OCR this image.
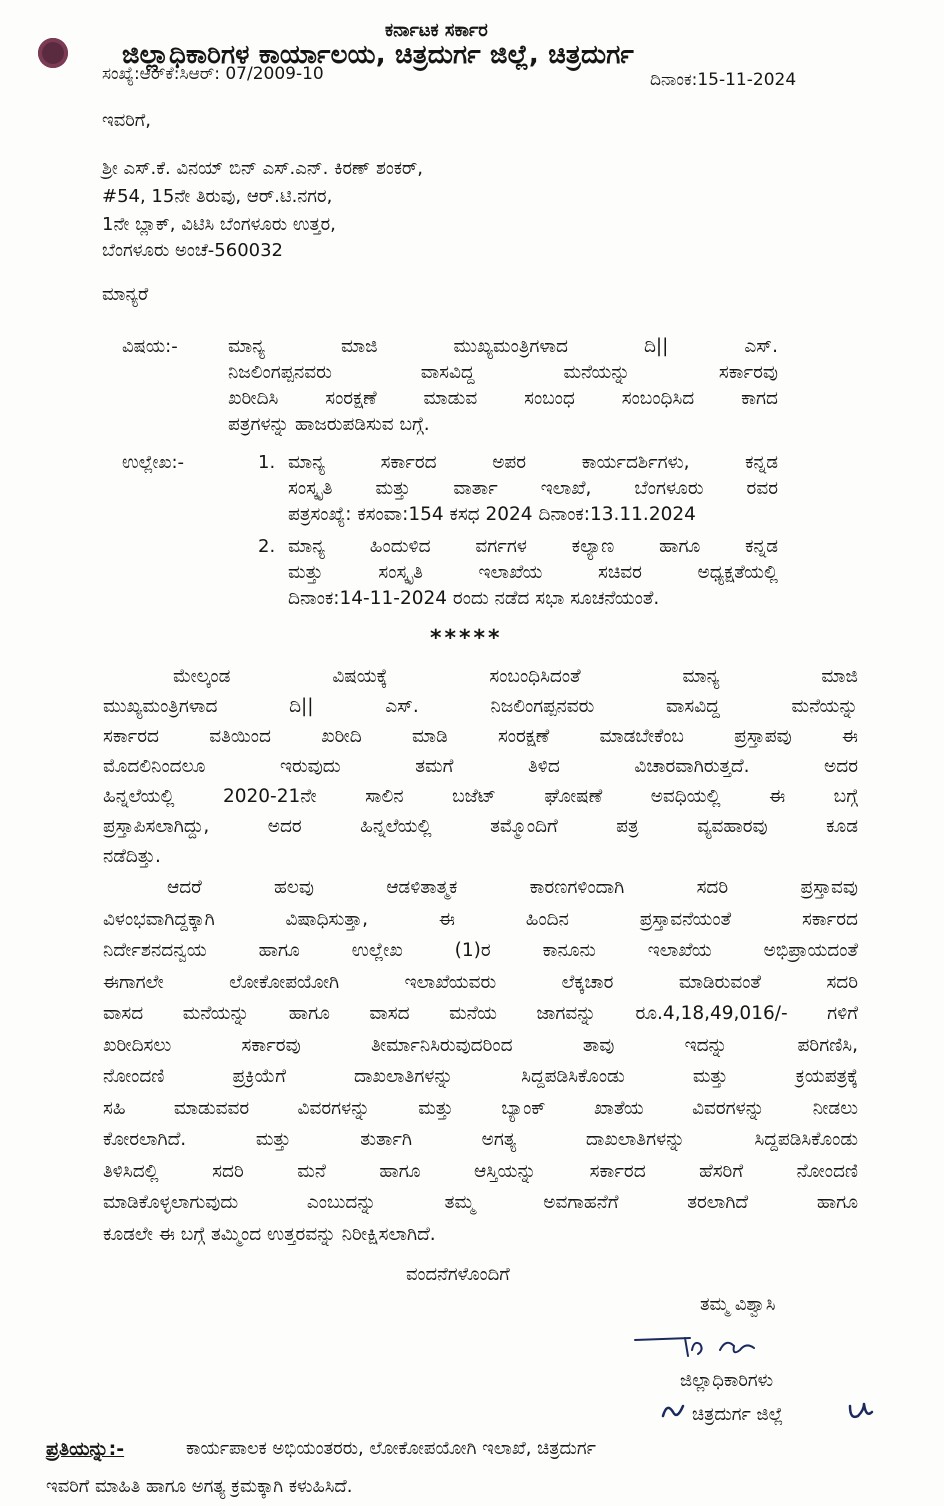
ಕರ್ನಾಟಕ ಸರ್ಕಾರ
ಜಿಲ್ಲಾಧಿಕಾರಿಗಳ ಕಾರ್ಯಾಲಯ, ಚಿತ್ರದುರ್ಗ ಜಿಲ್ಲೆ, ಚಿತ್ರದುರ್ಗ
ಸಂಖ್ಯೆ:ಆರ್‌ಕೆ:ಸಿಆರ್: 07/2009-10	ದಿನಾಂಕ:15-11-2024
ಇವರಿಗೆ,
ಶ್ರೀ ಎಸ್.ಕೆ. ವಿನಯ್ ಬಿನ್ ಎಸ್.ಎನ್. ಕಿರಣ್ ಶಂಕರ್,
#54, 15ನೇ ತಿರುವು, ಆರ್.ಟಿ.ನಗರ,
1ನೇ ಬ್ಲಾಕ್, ವಿಟಿಸಿ ಬೆಂಗಳೂರು ಉತ್ತರ,
ಬೆಂಗಳೂರು ಅಂಚೆ-560032
ಮಾನ್ಯರೆ
ವಿಷಯ:-	ಮಾನ್ಯ ಮಾಜಿ ಮುಖ್ಯಮಂತ್ರಿಗಳಾದ ದಿ|| ಎಸ್.
ನಿಜಲಿಂಗಪ್ಪನವರು ವಾಸವಿದ್ದ ಮನೆಯನ್ನು ಸರ್ಕಾರವು
ಖರೀದಿಸಿ ಸಂರಕ್ಷಣೆ ಮಾಡುವ ಸಂಬಂಧ ಸಂಬಂಧಿಸಿದ ಕಾಗದ
ಪತ್ರಗಳನ್ನು ಹಾಜರುಪಡಿಸುವ ಬಗ್ಗೆ.
ಉಲ್ಲೇಖ:-	1. ಮಾನ್ಯ ಸರ್ಕಾರದ ಅಪರ ಕಾರ್ಯದರ್ಶಿಗಳು, ಕನ್ನಡ
ಸಂಸ್ಕೃತಿ ಮತ್ತು ವಾರ್ತಾ ಇಲಾಖೆ, ಬೆಂಗಳೂರು ರವರ
ಪತ್ರಸಂಖ್ಯೆ: ಕಸಂವಾ:154 ಕಸಧ 2024 ದಿನಾಂಕ:13.11.2024
2. ಮಾನ್ಯ ಹಿಂದುಳಿದ ವರ್ಗಗಳ ಕಲ್ಯಾಣ ಹಾಗೂ ಕನ್ನಡ
ಮತ್ತು ಸಂಸ್ಕೃತಿ ಇಲಾಖೆಯ ಸಚಿವರ ಅಧ್ಯಕ್ಷತೆಯಲ್ಲಿ
ದಿನಾಂಕ:14-11-2024 ರಂದು ನಡೆದ ಸಭಾ ಸೂಚನೆಯಂತೆ.
*****
ಮೇಲ್ಕಂಡ ವಿಷಯಕ್ಕೆ ಸಂಬಂಧಿಸಿದಂತೆ ಮಾನ್ಯ ಮಾಜಿ
ಮುಖ್ಯಮಂತ್ರಿಗಳಾದ ದಿ|| ಎಸ್. ನಿಜಲಿಂಗಪ್ಪನವರು ವಾಸವಿದ್ದ ಮನೆಯನ್ನು
ಸರ್ಕಾರದ ವತಿಯಿಂದ ಖರೀದಿ ಮಾಡಿ ಸಂರಕ್ಷಣೆ ಮಾಡಬೇಕೆಂಬ ಪ್ರಸ್ತಾಪವು ಈ
ಮೊದಲಿನಿಂದಲೂ ಇರುವುದು ತಮಗೆ ತಿಳಿದ ವಿಚಾರವಾಗಿರುತ್ತದೆ. ಅದರ
ಹಿನ್ನಲೆಯಲ್ಲಿ 2020-21ನೇ ಸಾಲಿನ ಬಜೆಟ್ ಘೋಷಣೆ ಅವಧಿಯಲ್ಲಿ ಈ ಬಗ್ಗೆ
ಪ್ರಸ್ತಾಪಿಸಲಾಗಿದ್ದು, ಅದರ ಹಿನ್ನಲೆಯಲ್ಲಿ ತಮ್ಮೊಂದಿಗೆ ಪತ್ರ ವ್ಯವಹಾರವು ಕೂಡ
ನಡೆದಿತ್ತು.
ಆದರೆ ಹಲವು ಆಡಳಿತಾತ್ಮಕ ಕಾರಣಗಳಿಂದಾಗಿ ಸದರಿ ಪ್ರಸ್ತಾವವು
ವಿಳಂಭವಾಗಿದ್ದಕ್ಕಾಗಿ ವಿಷಾಧಿಸುತ್ತಾ, ಈ ಹಿಂದಿನ ಪ್ರಸ್ತಾವನೆಯಂತೆ ಸರ್ಕಾರದ
ನಿರ್ದೇಶನದನ್ವಯ ಹಾಗೂ ಉಲ್ಲೇಖ (1)ರ ಕಾನೂನು ಇಲಾಖೆಯ ಅಭಿಪ್ರಾಯದಂತೆ
ಈಗಾಗಲೇ ಲೋಕೋಪಯೋಗಿ ಇಲಾಖೆಯವರು ಲೆಕ್ಕಚಾರ ಮಾಡಿರುವಂತೆ ಸದರಿ
ವಾಸದ ಮನೆಯನ್ನು ಹಾಗೂ ವಾಸದ ಮನೆಯ ಜಾಗವನ್ನು ರೂ.4,18,49,016/- ಗಳಿಗೆ
ಖರೀದಿಸಲು ಸರ್ಕಾರವು ತೀರ್ಮಾನಿಸಿರುವುದರಿಂದ ತಾವು ಇದನ್ನು ಪರಿಗಣಿಸಿ,
ನೋಂದಣಿ ಪ್ರಕ್ರಿಯೆಗೆ ದಾಖಲಾತಿಗಳನ್ನು ಸಿದ್ದಪಡಿಸಿಕೊಂಡು ಮತ್ತು ಕ್ರಯಪತ್ರಕ್ಕೆ
ಸಹಿ ಮಾಡುವವರ ವಿವರಗಳನ್ನು ಮತ್ತು ಬ್ಯಾಂಕ್ ಖಾತೆಯ ವಿವರಗಳನ್ನು ನೀಡಲು
ಕೋರಲಾಗಿದೆ. ಮತ್ತು ತುರ್ತಾಗಿ ಅಗತ್ಯ ದಾಖಲಾತಿಗಳನ್ನು ಸಿದ್ದಪಡಿಸಿಕೊಂಡು
ತಿಳಿಸಿದಲ್ಲಿ ಸದರಿ ಮನೆ ಹಾಗೂ ಆಸ್ತಿಯನ್ನು ಸರ್ಕಾರದ ಹೆಸರಿಗೆ ನೋಂದಣಿ
ಮಾಡಿಕೊಳ್ಳಲಾಗುವುದು ಎಂಬುದನ್ನು ತಮ್ಮ ಅವಗಾಹನೆಗೆ ತರಲಾಗಿದೆ ಹಾಗೂ
ಕೂಡಲೇ ಈ ಬಗ್ಗೆ ತಮ್ಮಿಂದ ಉತ್ತರವನ್ನು ನಿರೀಕ್ಷಿಸಲಾಗಿದೆ.
ವಂದನೆಗಳೊಂದಿಗೆ
ತಮ್ಮ ವಿಶ್ವಾಸಿ
ಜಿಲ್ಲಾಧಿಕಾರಿಗಳು
ಚಿತ್ರದುರ್ಗ ಜಿಲ್ಲೆ
ಪ್ರತಿಯನ್ನು:-	ಕಾರ್ಯಪಾಲಕ ಅಭಿಯಂತರರು, ಲೋಕೋಪಯೋಗಿ ಇಲಾಖೆ, ಚಿತ್ರದುರ್ಗ
ಇವರಿಗೆ ಮಾಹಿತಿ ಹಾಗೂ ಅಗತ್ಯ ಕ್ರಮಕ್ಕಾಗಿ ಕಳುಹಿಸಿದೆ.
